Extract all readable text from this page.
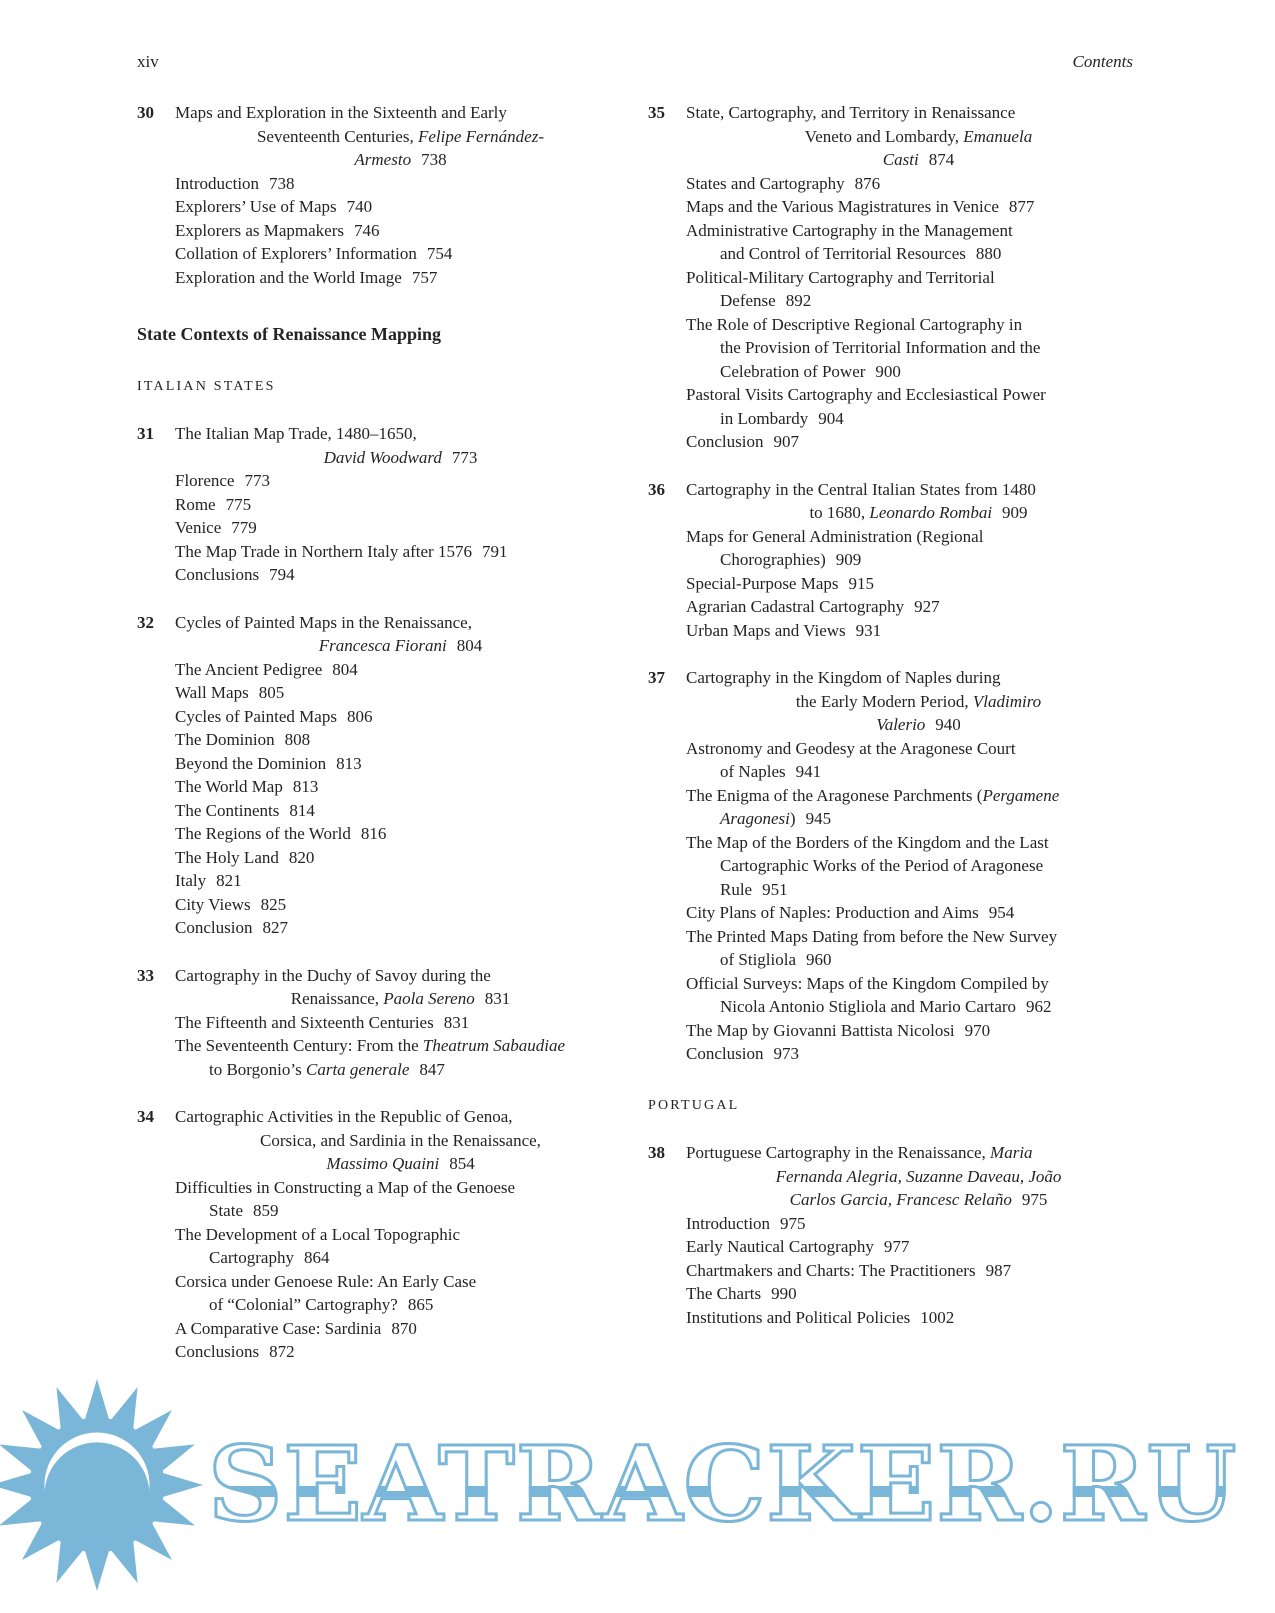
xiv	Contents
30	Maps and Exploration in the Sixteenth and Early
Seventeenth Centuries, Felipe Fernández-
Armesto 738
Introduction 738
Explorers’ Use of Maps 740
Explorers as Mapmakers 746
Collation of Explorers’ Information 754
Exploration and the World Image 757
State Contexts of Renaissance Mapping
ITALIAN STATES
31	The Italian Map Trade, 1480–1650,
David Woodward 773
Florence 773
Rome 775
Venice 779
The Map Trade in Northern Italy after 1576 791
Conclusions 794
32	Cycles of Painted Maps in the Renaissance,
Francesca Fiorani 804
The Ancient Pedigree 804
Wall Maps 805
Cycles of Painted Maps 806
The Dominion 808
Beyond the Dominion 813
The World Map 813
The Continents 814
The Regions of the World 816
The Holy Land 820
Italy 821
City Views 825
Conclusion 827
33	Cartography in the Duchy of Savoy during the
Renaissance, Paola Sereno 831
The Fifteenth and Sixteenth Centuries 831
The Seventeenth Century: From the Theatrum Sabaudiae
to Borgonio’s Carta generale 847
34	Cartographic Activities in the Republic of Genoa,
Corsica, and Sardinia in the Renaissance,
Massimo Quaini 854
Difficulties in Constructing a Map of the Genoese
State 859
The Development of a Local Topographic
Cartography 864
Corsica under Genoese Rule: An Early Case
of “Colonial” Cartography? 865
A Comparative Case: Sardinia 870
Conclusions 872
35	State, Cartography, and Territory in Renaissance
Veneto and Lombardy, Emanuela
Casti 874
States and Cartography 876
Maps and the Various Magistratures in Venice 877
Administrative Cartography in the Management
and Control of Territorial Resources 880
Political-Military Cartography and Territorial
Defense 892
The Role of Descriptive Regional Cartography in
the Provision of Territorial Information and the
Celebration of Power 900
Pastoral Visits Cartography and Ecclesiastical Power
in Lombardy 904
Conclusion 907
36	Cartography in the Central Italian States from 1480
to 1680, Leonardo Rombai 909
Maps for General Administration (Regional
Chorographies) 909
Special-Purpose Maps 915
Agrarian Cadastral Cartography 927
Urban Maps and Views 931
37	Cartography in the Kingdom of Naples during
the Early Modern Period, Vladimiro
Valerio 940
Astronomy and Geodesy at the Aragonese Court
of Naples 941
The Enigma of the Aragonese Parchments (Pergamene
Aragonesi) 945
The Map of the Borders of the Kingdom and the Last
Cartographic Works of the Period of Aragonese
Rule 951
City Plans of Naples: Production and Aims 954
The Printed Maps Dating from before the New Survey
of Stigliola 960
Official Surveys: Maps of the Kingdom Compiled by
Nicola Antonio Stigliola and Mario Cartaro 962
The Map by Giovanni Battista Nicolosi 970
Conclusion 973
PORTUGAL
38	Portuguese Cartography in the Renaissance, Maria
Fernanda Alegria, Suzanne Daveau, João
Carlos Garcia, Francesc Relaño 975
Introduction 975
Early Nautical Cartography 977
Chartmakers and Charts: The Practitioners 987
The Charts 990
Institutions and Political Policies 1002
SEATRACKER.RU
